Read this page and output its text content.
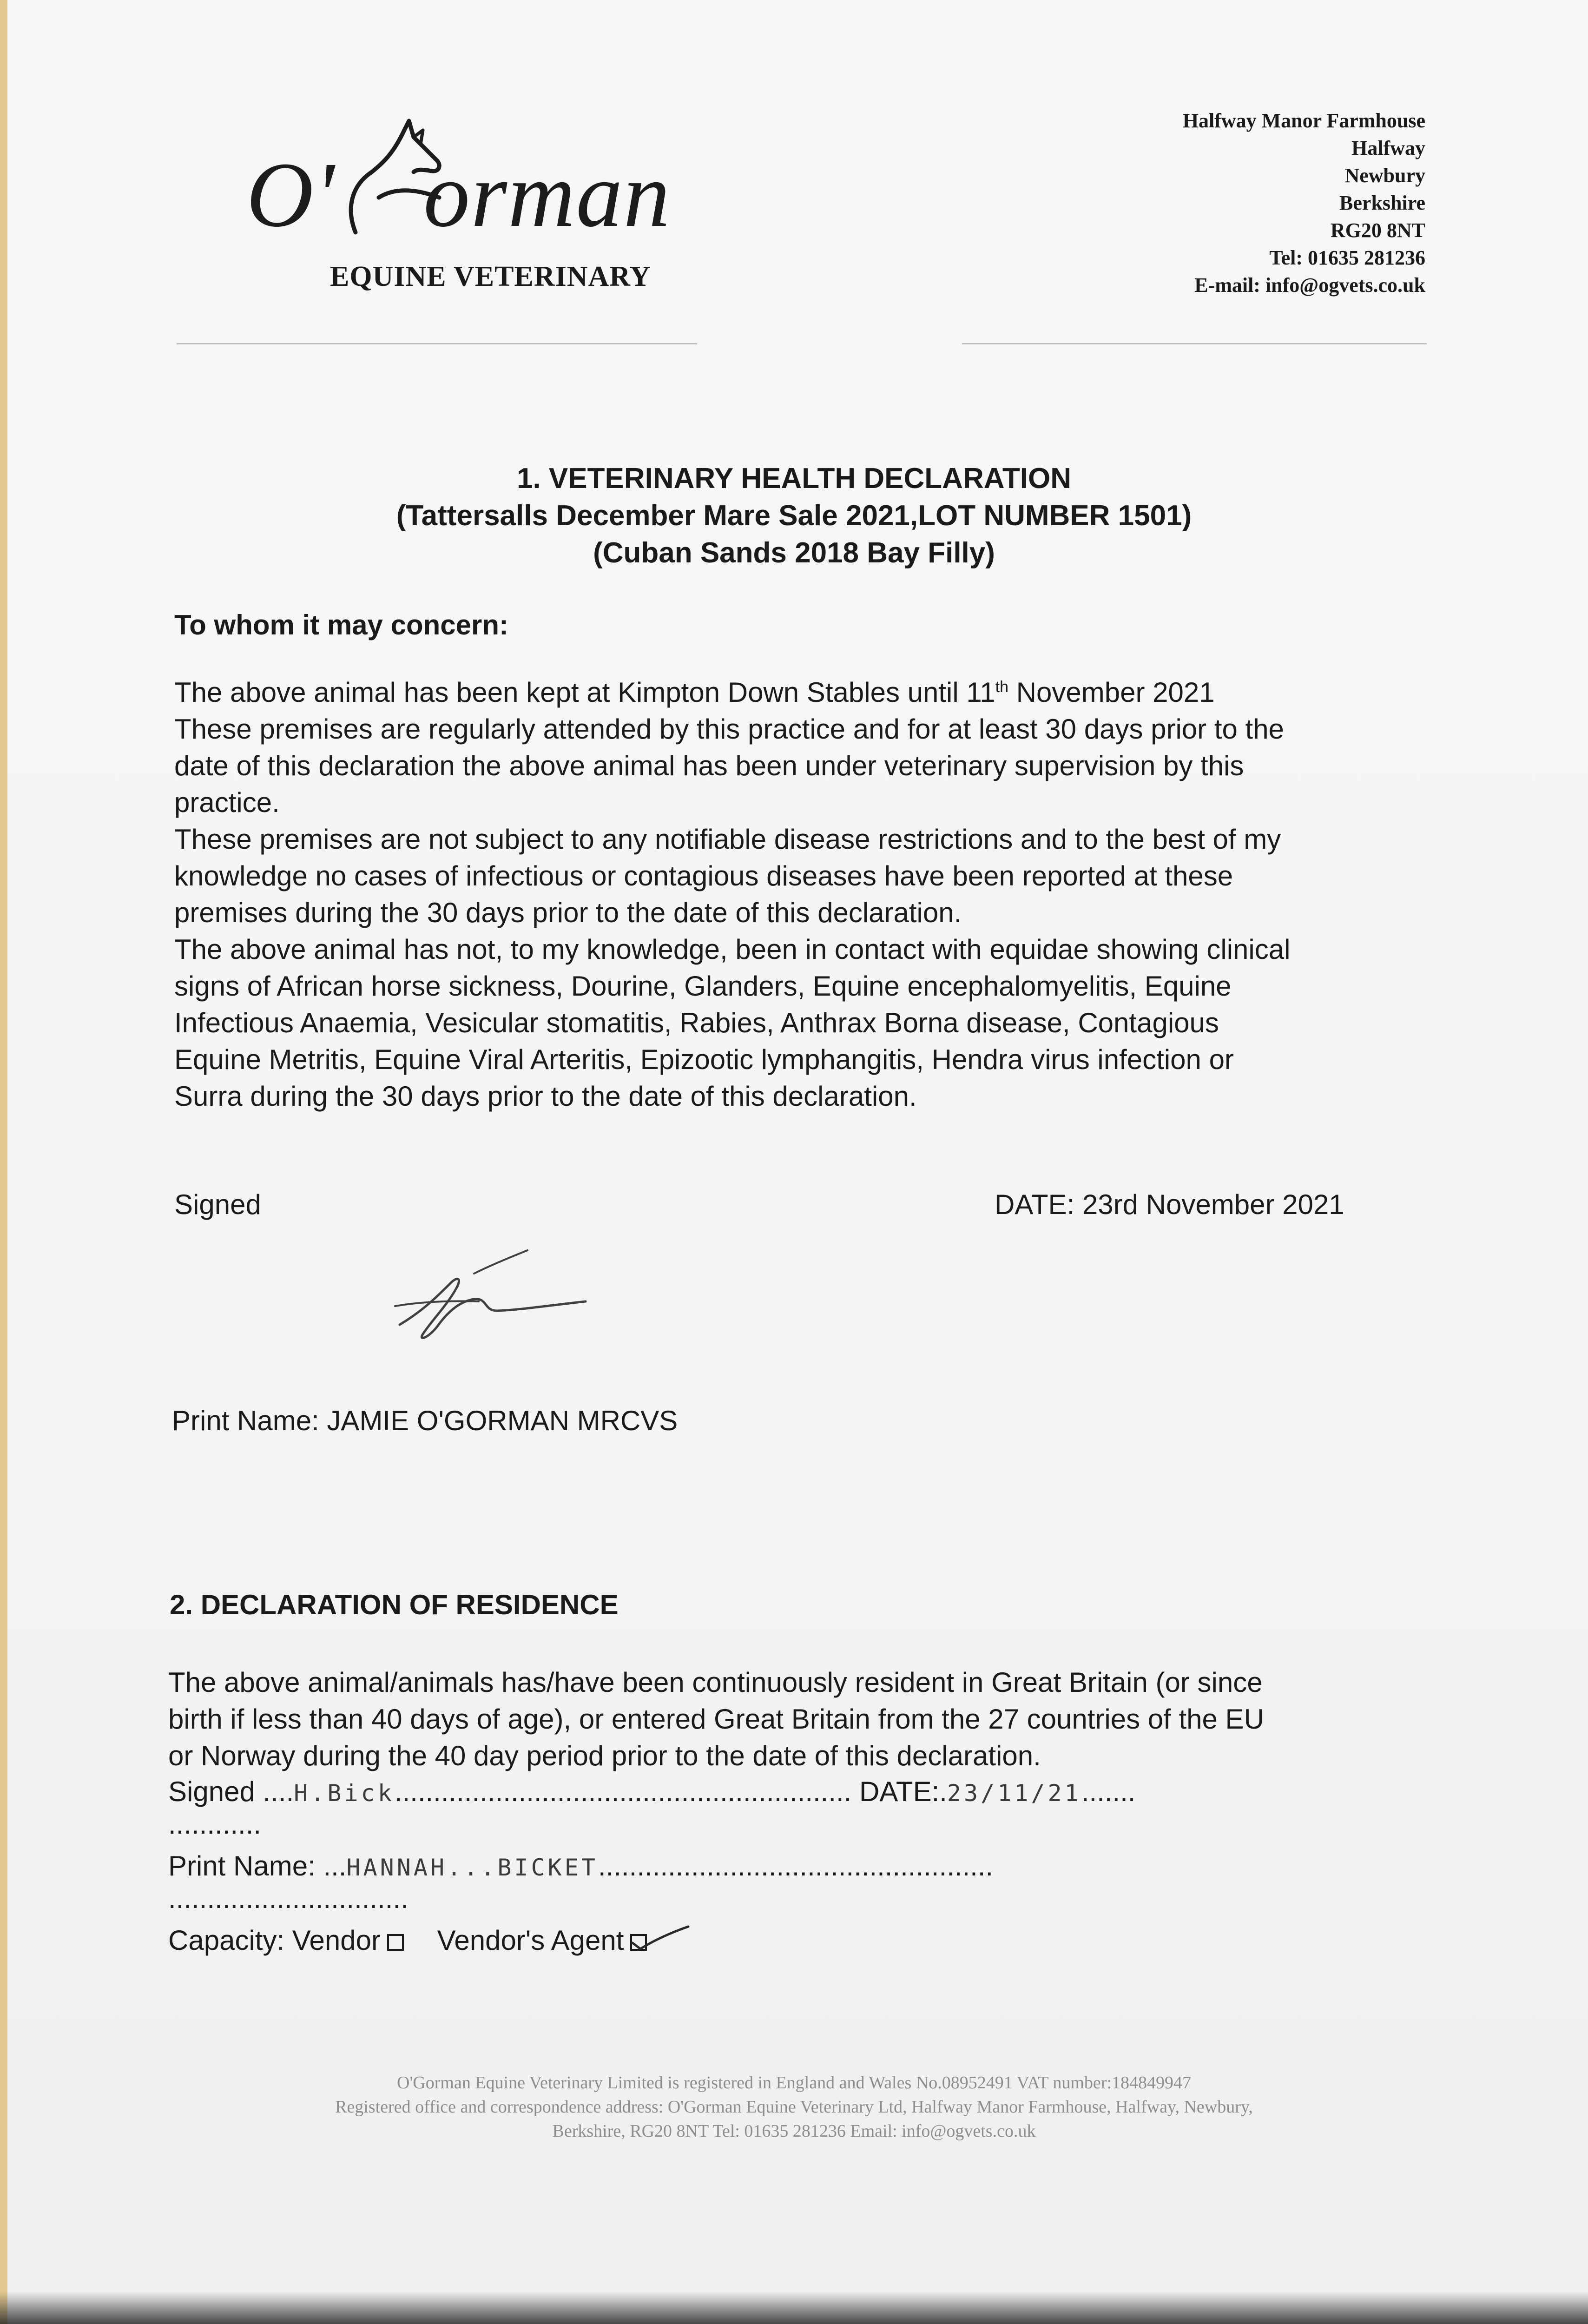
O' orman
EQUINE VETERINARY
Halfway Manor Farmhouse
Halfway
Newbury
Berkshire
RG20 8NT
Tel: 01635 281236
E-mail: info@ogvets.co.uk
1. VETERINARY HEALTH DECLARATION
(Tattersalls December Mare Sale 2021,LOT NUMBER 1501)
(Cuban Sands 2018 Bay Filly)
To whom it may concern:
The above animal has been kept at Kimpton Down Stables until 11th November 2021
These premises are regularly attended by this practice and for at least 30 days prior to the
date of this declaration the above animal has been under veterinary supervision by this
practice.
These premises are not subject to any notifiable disease restrictions and to the best of my
knowledge no cases of infectious or contagious diseases have been reported at these
premises during the 30 days prior to the date of this declaration.
The above animal has not, to my knowledge, been in contact with equidae showing clinical
signs of African horse sickness, Dourine, Glanders, Equine encephalomyelitis, Equine
Infectious Anaemia, Vesicular stomatitis, Rabies, Anthrax Borna disease, Contagious
Equine Metritis, Equine Viral Arteritis, Epizootic lymphangitis, Hendra virus infection or
Surra during the 30 days prior to the date of this declaration.
Signed	DATE: 23rd November 2021
Print Name: JAMIE O'GORMAN MRCVS
2. DECLARATION OF RESIDENCE
The above animal/animals has/have been continuously resident in Great Britain (or since
birth if less than 40 days of age), or entered Great Britain from the 27 countries of the EU
or Norway during the 40 day period prior to the date of this declaration.
Signed ....H.Bick........................................................... DATE:.23/11/21.......
............
Print Name: ...HANNAH...BICKET...................................................
...............................
Capacity: Vendor Vendor's Agent
O'Gorman Equine Veterinary Limited is registered in England and Wales No.08952491 VAT number:184849947
Registered office and correspondence address: O'Gorman Equine Veterinary Ltd, Halfway Manor Farmhouse, Halfway, Newbury,
Berkshire, RG20 8NT Tel: 01635 281236 Email: info@ogvets.co.uk
